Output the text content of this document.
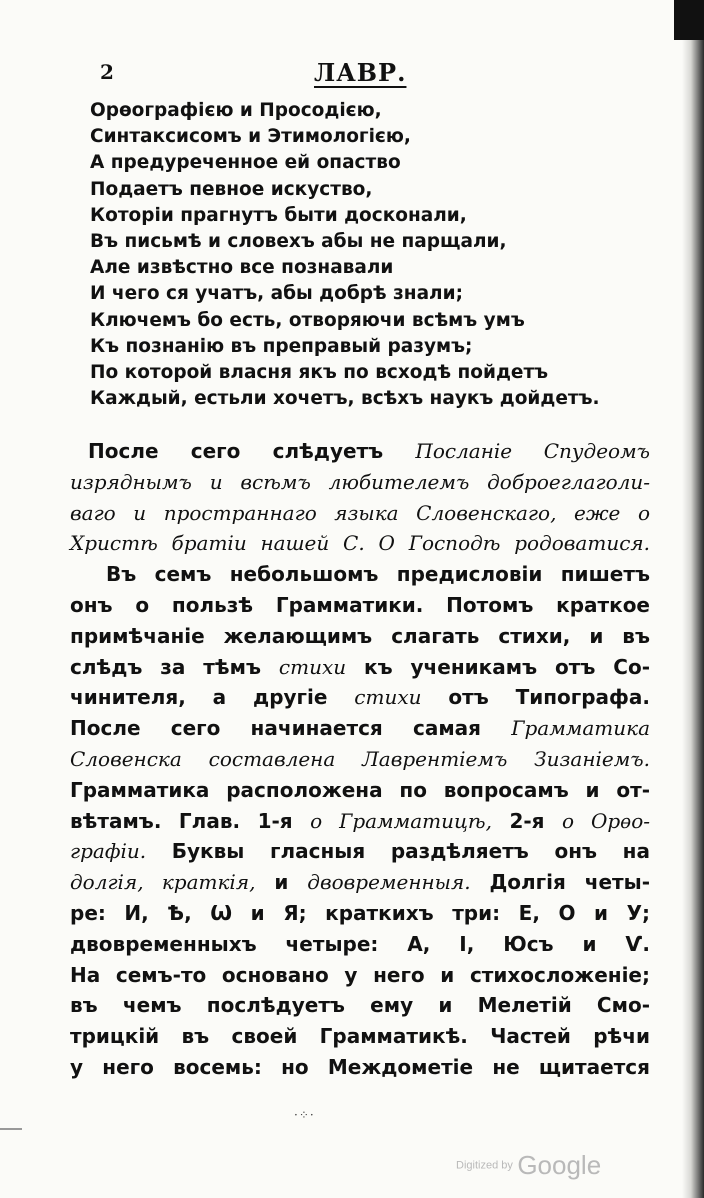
2	ЛАВР.
Орѳографією и Просодією,
Синтаксисомъ и Этимологією,
А предуреченное ей опаство
Подаетъ певное искуство,
Которіи прагнутъ быти досконали,
Въ письмѣ и словехъ абы не парщали,
Але извѣстно все познавали
И чего ся учатъ, абы добрѣ знали;
Ключемъ бо есть, отворяючи всѣмъ умъ
Къ познанію въ преправый разумъ;
По которой власня якъ по всходѣ пойдетъ
Каждый, естьли хочетъ, всѣхъ наукъ дойдетъ.
После сего слѣдуетъ Посланіе Спудеомъ
изряднымъ и всѣмъ любителемъ доброеглаголи-
ваго и пространнаго языка Словенскаго, еже о
Христѣ братіи нашей С. О Господѣ родоватися.
Въ семъ небольшомъ предисловіи пишетъ
онъ о пользѣ Грамматики. Потомъ краткое
примѣчаніе желающимъ слагать стихи, и въ
слѣдъ за тѣмъ стихи къ ученикамъ отъ Со-
чинителя, а другіе стихи отъ Типографа.
После сего начинается самая Грамматика
Словенска составлена Лаврентіемъ Зизаніемъ.
Грамматика расположена по вопросамъ и от-
вѣтамъ. Глав. 1-я о Грамматицѣ, 2-я о Орѳо-
графіи. Буквы гласныя раздѣляетъ онъ на
долгія, краткія, и двовременныя. Долгія четы-
ре: И, Ѣ, Ѡ и Я; краткихъ три: Е, О и У;
двовременныхъ четыре: А, І, Юсъ и Ѵ.
На семъ-то основано у него и стихосложеніе;
въ чемъ послѣдуетъ ему и Мелетій Смо-
трицкій въ своей Грамматикѣ. Частей рѣчи
у него восемь: но Междометіе не щитается
·⁘·
Digitized by Google
